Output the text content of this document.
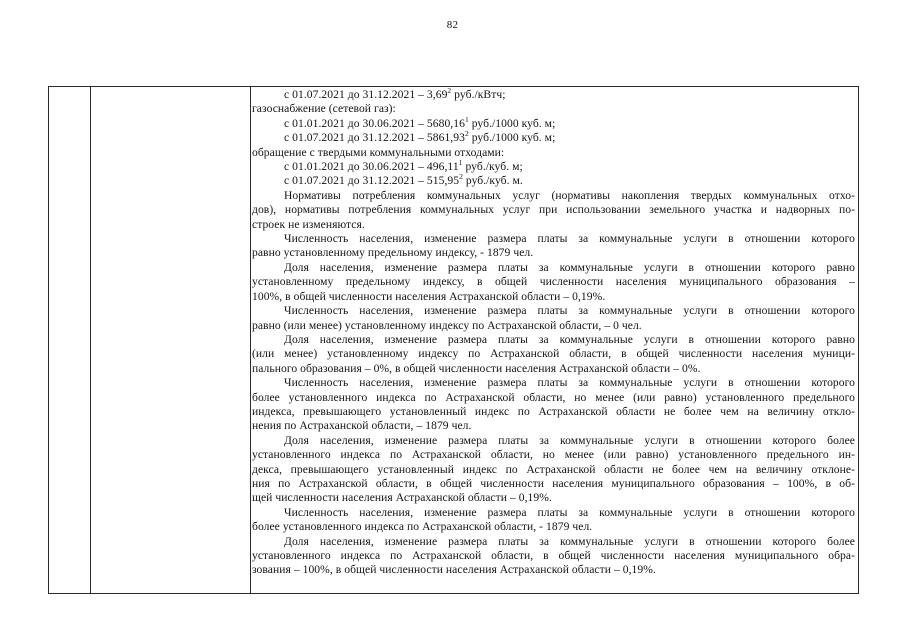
82
с 01.07.2021 до 31.12.2021 – 3,69$^2$ руб./кВтч;
газоснабжение (сетевой газ):
с 01.01.2021 до 30.06.2021 – 5680,16$^1$ руб./1000 куб. м;
с 01.07.2021 до 31.12.2021 – 5861,93$^2$ руб./1000 куб. м;
обращение с твердыми коммунальными отходами:
с 01.01.2021 до 30.06.2021 – 496,11$^1$ руб./куб. м;
с 01.07.2021 до 31.12.2021 – 515,95$^2$ руб./куб. м.
Нормативы потребления коммунальных услуг (нормативы накопления твердых коммунальных отхо-
дов), нормативы потребления коммунальных услуг при использовании земельного участка и надворных по-
строек не изменяются.
Численность населения, изменение размера платы за коммунальные услуги в отношении которого
равно установленному предельному индексу, - 1879 чел.
Доля населения, изменение размера платы за коммунальные услуги в отношении которого равно
установленному предельному индексу, в общей численности населения муниципального образования –
100%, в общей численности населения Астраханской области – 0,19%.
Численность населения, изменение размера платы за коммунальные услуги в отношении которого
равно (или менее) установленному индексу по Астраханской области, – 0 чел.
Доля населения, изменение размера платы за коммунальные услуги в отношении которого равно
(или менее) установленному индексу по Астраханской области, в общей численности населения муници-
пального образования – 0%, в общей численности населения Астраханской области – 0%.
Численность населения, изменение размера платы за коммунальные услуги в отношении которого
более установленного индекса по Астраханской области, но менее (или равно) установленного предельного
индекса, превышающего установленный индекс по Астраханской области не более чем на величину откло-
нения по Астраханской области, – 1879 чел.
Доля населения, изменение размера платы за коммунальные услуги в отношении которого более
установленного индекса по Астраханской области, но менее (или равно) установленного предельного ин-
декса, превышающего установленный индекс по Астраханской области не более чем на величину отклоне-
ния по Астраханской области, в общей численности населения муниципального образования – 100%, в об-
щей численности населения Астраханской области – 0,19%.
Численность населения, изменение размера платы за коммунальные услуги в отношении которого
более установленного индекса по Астраханской области, - 1879 чел.
Доля населения, изменение размера платы за коммунальные услуги в отношении которого более
установленного индекса по Астраханской области, в общей численности населения муниципального обра-
зования – 100%, в общей численности населения Астраханской области – 0,19%.
